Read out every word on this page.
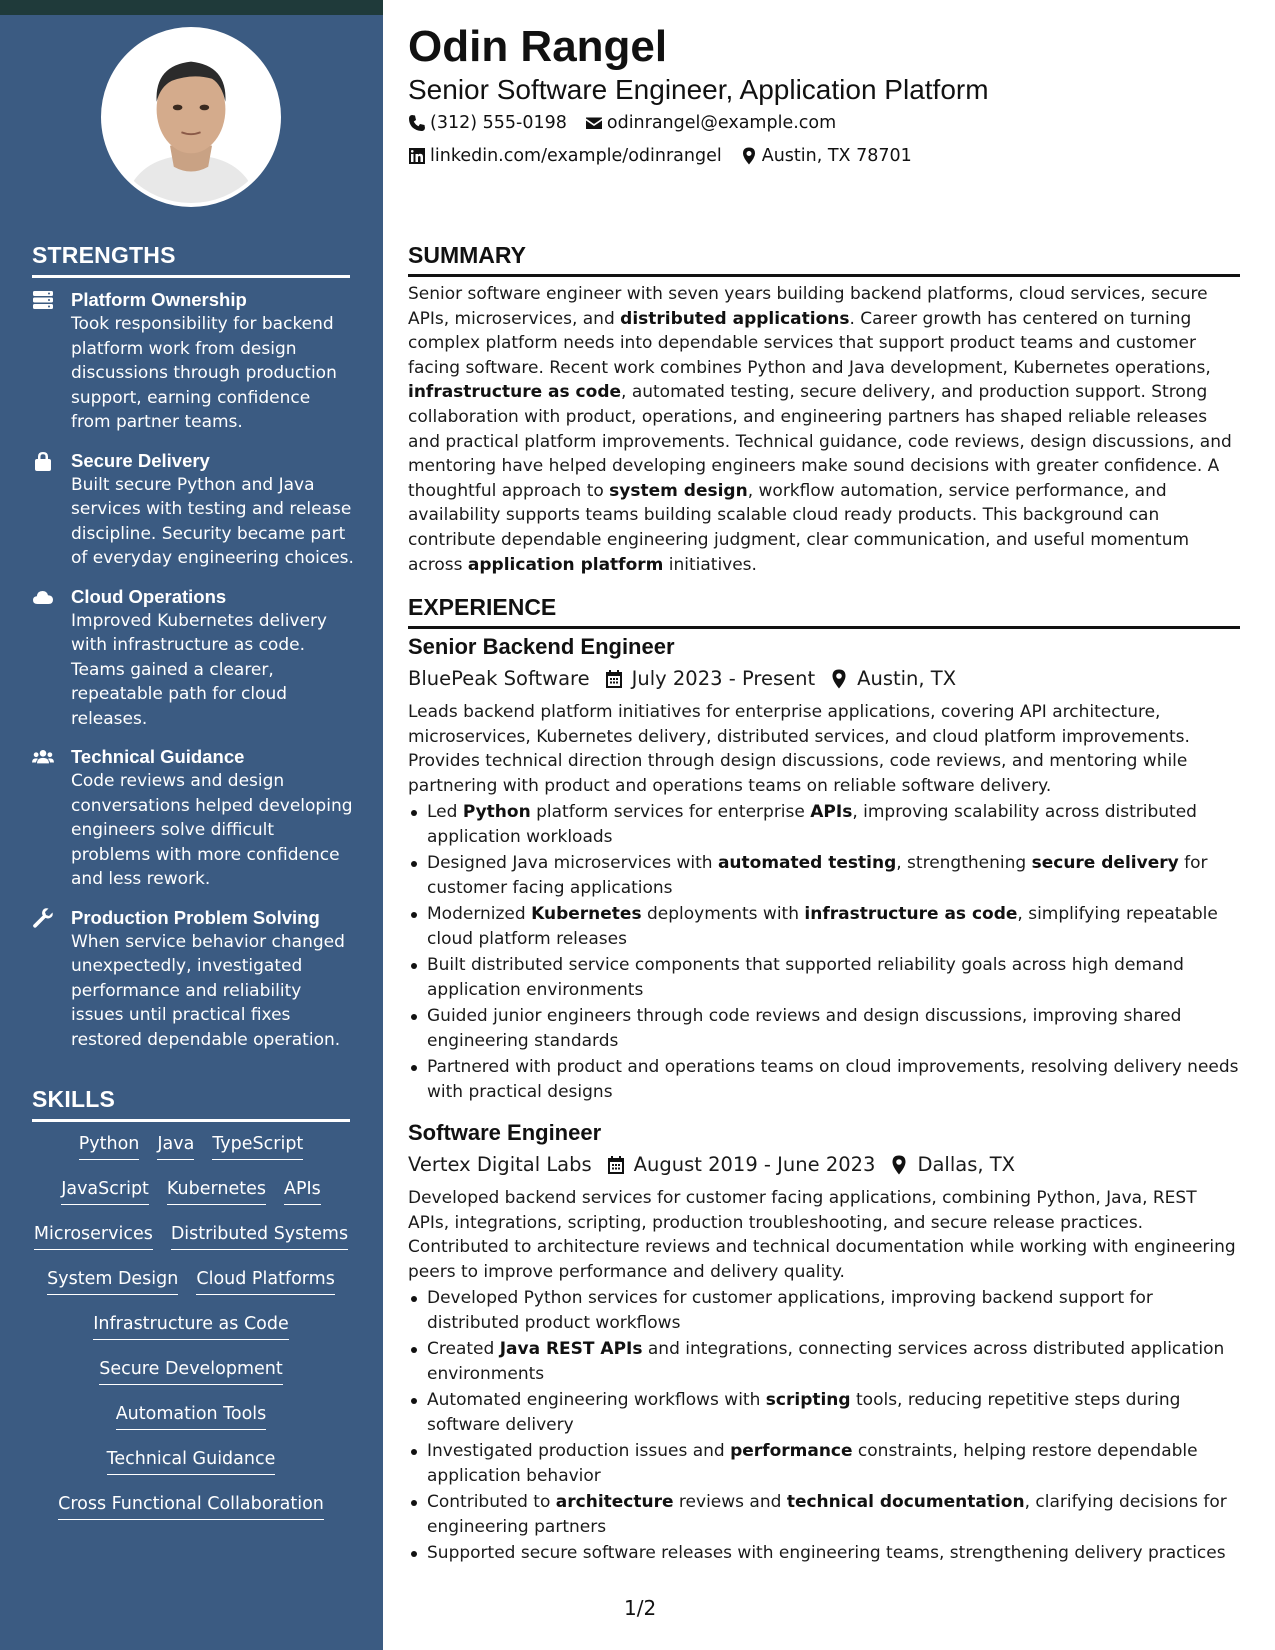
STRENGTHS
Platform Ownership
Took responsibility for backend platform work from design discussions through production support, earning confidence from partner teams.
Secure Delivery
Built secure Python and Java services with testing and release discipline. Security became part of everyday engineering choices.
Cloud Operations
Improved Kubernetes delivery with infrastructure as code. Teams gained a clearer, repeatable path for cloud releases.
Technical Guidance
Code reviews and design conversations helped developing engineers solve difficult problems with more confidence and less rework.
Production Problem Solving
When service behavior changed unexpectedly, investigated performance and reliability issues until practical fixes restored dependable operation.
SKILLS
Python Java TypeScript
JavaScript Kubernetes APIs
Microservices Distributed Systems
System Design Cloud Platforms
Infrastructure as Code
Secure Development
Automation Tools
Technical Guidance
Cross Functional Collaboration
Odin Rangel
Senior Software Engineer, Application Platform
(312) 555-0198 odinrangel@example.com
linkedin.com/example/odinrangel Austin, TX 78701
SUMMARY
Senior software engineer with seven years building backend platforms, cloud services, secure APIs, microservices, and distributed applications. Career growth has centered on turning complex platform needs into dependable services that support product teams and customer facing software. Recent work combines Python and Java development, Kubernetes operations, infrastructure as code, automated testing, secure delivery, and production support. Strong collaboration with product, operations, and engineering partners has shaped reliable releases and practical platform improvements. Technical guidance, code reviews, design discussions, and mentoring have helped developing engineers make sound decisions with greater confidence. A thoughtful approach to system design, workflow automation, service performance, and availability supports teams building scalable cloud ready products. This background can contribute dependable engineering judgment, clear communication, and useful momentum across application platform initiatives.
EXPERIENCE
Senior Backend Engineer
BluePeak Software July 2023 - Present Austin, TX
Leads backend platform initiatives for enterprise applications, covering API architecture, microservices, Kubernetes delivery, distributed services, and cloud platform improvements. Provides technical direction through design discussions, code reviews, and mentoring while partnering with product and operations teams on reliable software delivery.
Led Python platform services for enterprise APIs, improving scalability across distributed application workloads
Designed Java microservices with automated testing, strengthening secure delivery for customer facing applications
Modernized Kubernetes deployments with infrastructure as code, simplifying repeatable cloud platform releases
Built distributed service components that supported reliability goals across high demand application environments
Guided junior engineers through code reviews and design discussions, improving shared engineering standards
Partnered with product and operations teams on cloud improvements, resolving delivery needs with practical designs
Software Engineer
Vertex Digital Labs August 2019 - June 2023 Dallas, TX
Developed backend services for customer facing applications, combining Python, Java, REST APIs, integrations, scripting, production troubleshooting, and secure release practices. Contributed to architecture reviews and technical documentation while working with engineering peers to improve performance and delivery quality.
Developed Python services for customer applications, improving backend support for distributed product workflows
Created Java REST APIs and integrations, connecting services across distributed application environments
Automated engineering workflows with scripting tools, reducing repetitive steps during software delivery
Investigated production issues and performance constraints, helping restore dependable application behavior
Contributed to architecture reviews and technical documentation, clarifying decisions for engineering partners
Supported secure software releases with engineering teams, strengthening delivery practices
1/2
